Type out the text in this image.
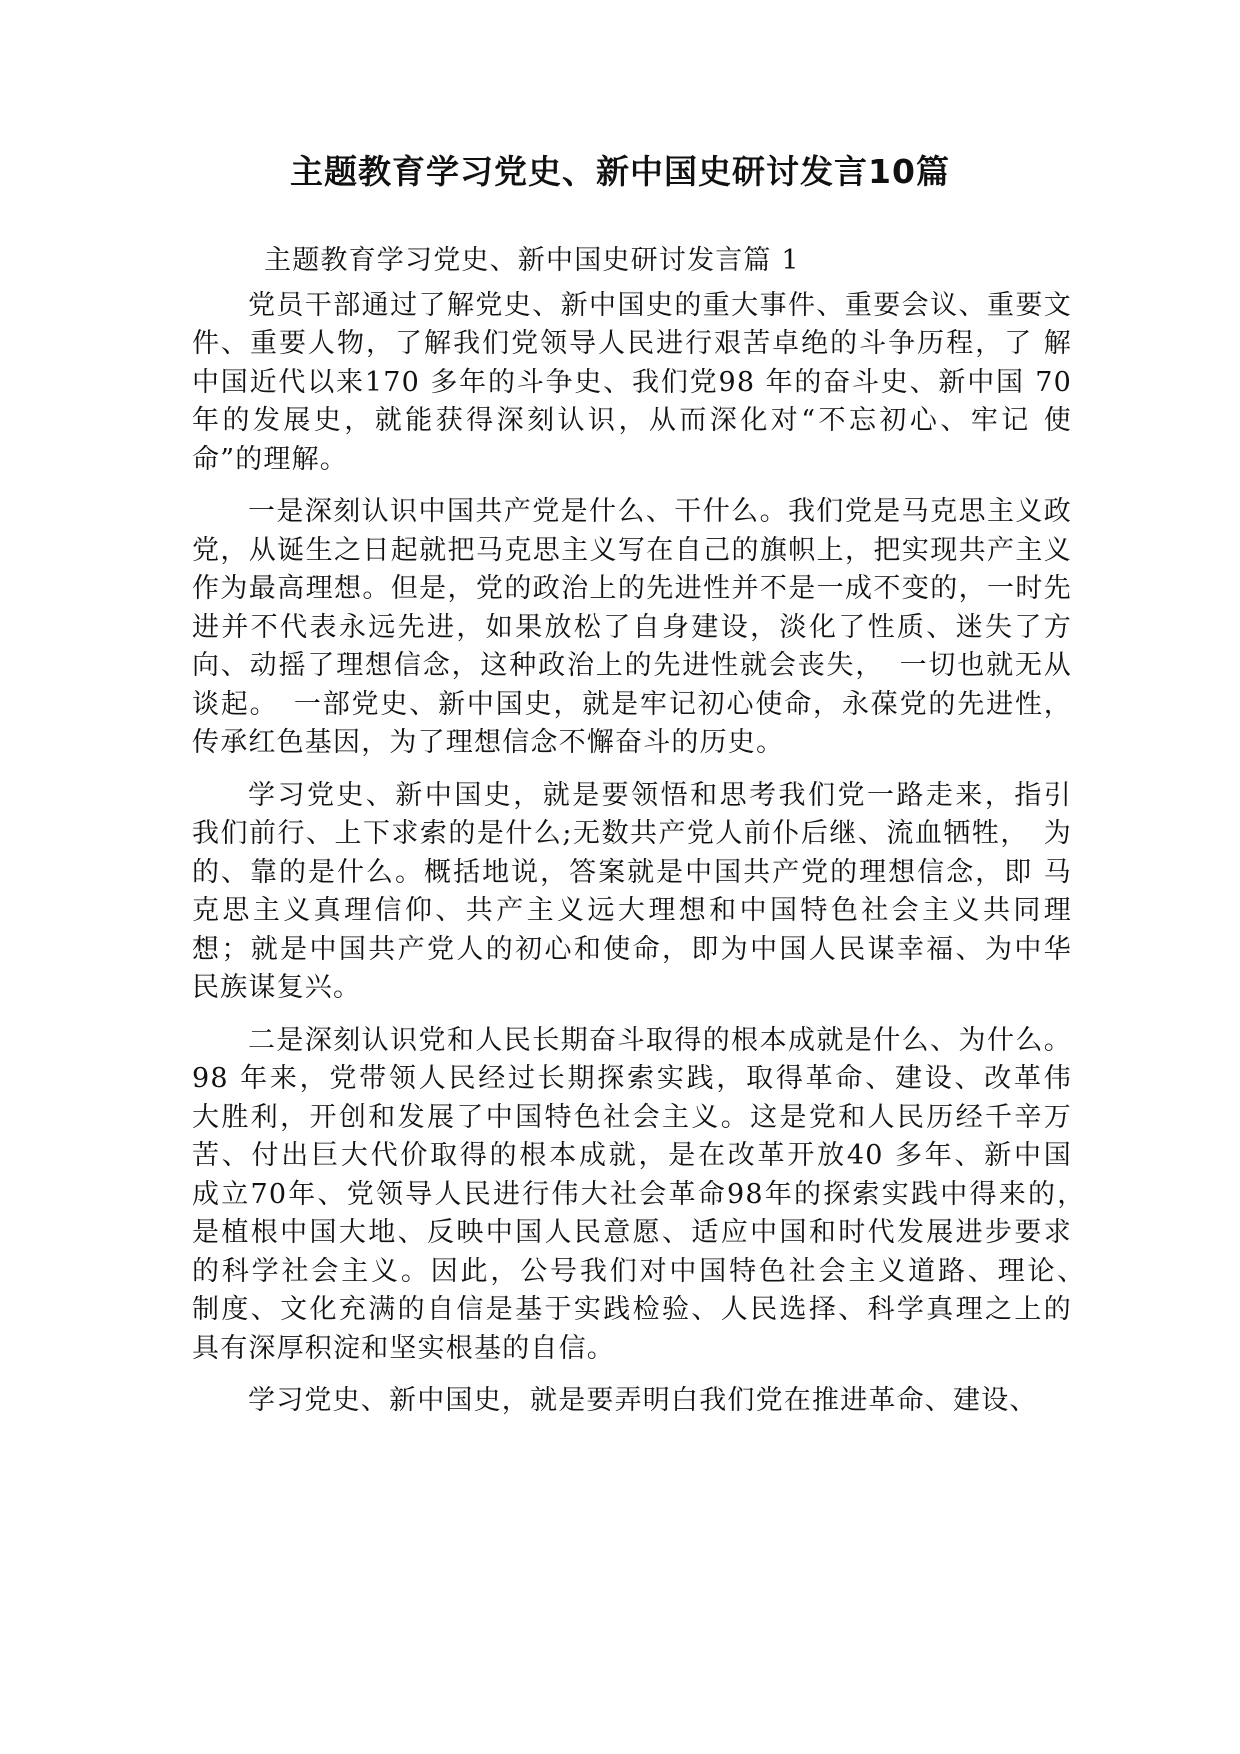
主题教育学习党史、新中国史研讨发言10篇

主题教育学习党史、新中国史研讨发言篇 1

党员干部通过了解党史、新中国史的重大事件、重要会议、重要文件、重要人物，了解我们党领导人民进行艰苦卓绝的斗争历程，了 解中国近代以来170 多年的斗争史、我们党98 年的奋斗史、新中国 70 年的发展史，就能获得深刻认识，从而深化对“不忘初心、牢记 使命”的理解。

一是深刻认识中国共产党是什么、干什么。我们党是马克思主义政党，从诞生之日起就把马克思主义写在自己的旗帜上，把实现共产主义作为最高理想。但是，党的政治上的先进性并不是一成不变的，一时先进并不代表永远先进，如果放松了自身建设，淡化了性质、迷失了方向、动摇了理想信念，这种政治上的先进性就会丧失，　一切也就无从谈起。　一部党史、新中国史，就是牢记初心使命，永葆党的先进性，传承红色基因，为了理想信念不懈奋斗的历史。

学习党史、新中国史，就是要领悟和思考我们党一路走来，指引 我们前行、上下求索的是什么;无数共产党人前仆后继、流血牺牲，　为的、靠的是什么。概括地说，答案就是中国共产党的理想信念，即 马克思主义真理信仰、共产主义远大理想和中国特色社会主义共同理 想；就是中国共产党人的初心和使命，即为中国人民谋幸福、为中华 民族谋复兴。

二是深刻认识党和人民长期奋斗取得的根本成就是什么、为什么。 98 年来，党带领人民经过长期探索实践，取得革命、建设、改革伟　大胜利，开创和发展了中国特色社会主义。这是党和人民历经千辛万　 苦、付出巨大代价取得的根本成就，是在改革开放40 多年、新中国　成立70年、党领导人民进行伟大社会革命98年的探索实践中得来的，　是植根中国大地、反映中国人民意愿、适应中国和时代发展进步要求　 的科学社会主义。因此，公号我们对中国特色社会主义道路、理论、　制度、文化充满的自信是基于实践检验、人民选择、科学真理之上的　具有深厚积淀和坚实根基的自信。

学习党史、新中国史，就是要弄明白我们党在推进革命、建设、
